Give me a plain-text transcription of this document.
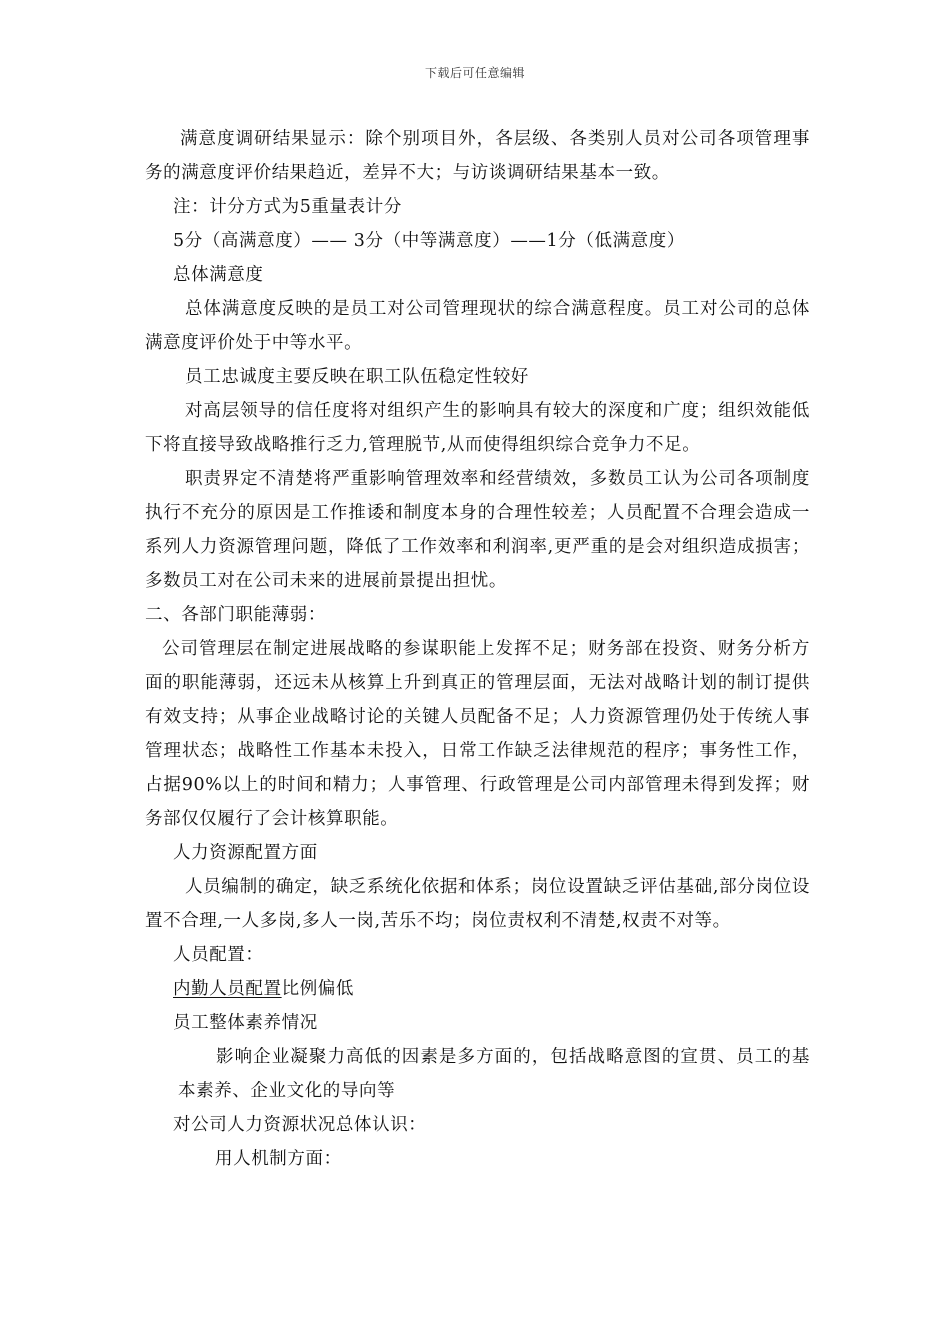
下载后可任意编辑

满意度调研结果显示：除个别项目外，各层级、各类别人员对公司各项管理事务的满意度评价结果趋近，差异不大；与访谈调研结果基本一致。

注：计分方式为5重量表计分

5分（高满意度）—— 3分（中等满意度）——1分（低满意度）

总体满意度

总体满意度反映的是员工对公司管理现状的综合满意程度。员工对公司的总体满意度评价处于中等水平。

员工忠诚度主要反映在职工队伍稳定性较好

对高层领导的信任度将对组织产生的影响具有较大的深度和广度；组织效能低下将直接导致战略推行乏力,管理脱节,从而使得组织综合竞争力不足。

职责界定不清楚将严重影响管理效率和经营绩效，多数员工认为公司各项制度执行不充分的原因是工作推诿和制度本身的合理性较差；人员配置不合理会造成一系列人力资源管理问题，降低了工作效率和利润率,更严重的是会对组织造成损害；多数员工对在公司未来的进展前景提出担忧。

二、各部门职能薄弱：

公司管理层在制定进展战略的参谋职能上发挥不足；财务部在投资、财务分析方面的职能薄弱，还远未从核算上升到真正的管理层面，无法对战略计划的制订提供有效支持；从事企业战略讨论的关键人员配备不足；人力资源管理仍处于传统人事管理状态；战略性工作基本未投入，日常工作缺乏法律规范的程序；事务性工作，占据90%以上的时间和精力；人事管理、行政管理是公司内部管理未得到发挥；财务部仅仅履行了会计核算职能。

人力资源配置方面

人员编制的确定，缺乏系统化依据和体系；岗位设置缺乏评估基础,部分岗位设置不合理,一人多岗,多人一岗,苦乐不均；岗位责权利不清楚,权责不对等。

人员配置：

内勤人员配置比例偏低

员工整体素养情况

影响企业凝聚力高低的因素是多方面的，包括战略意图的宣贯、员工的基本素养、企业文化的导向等

对公司人力资源状况总体认识：

用人机制方面：
